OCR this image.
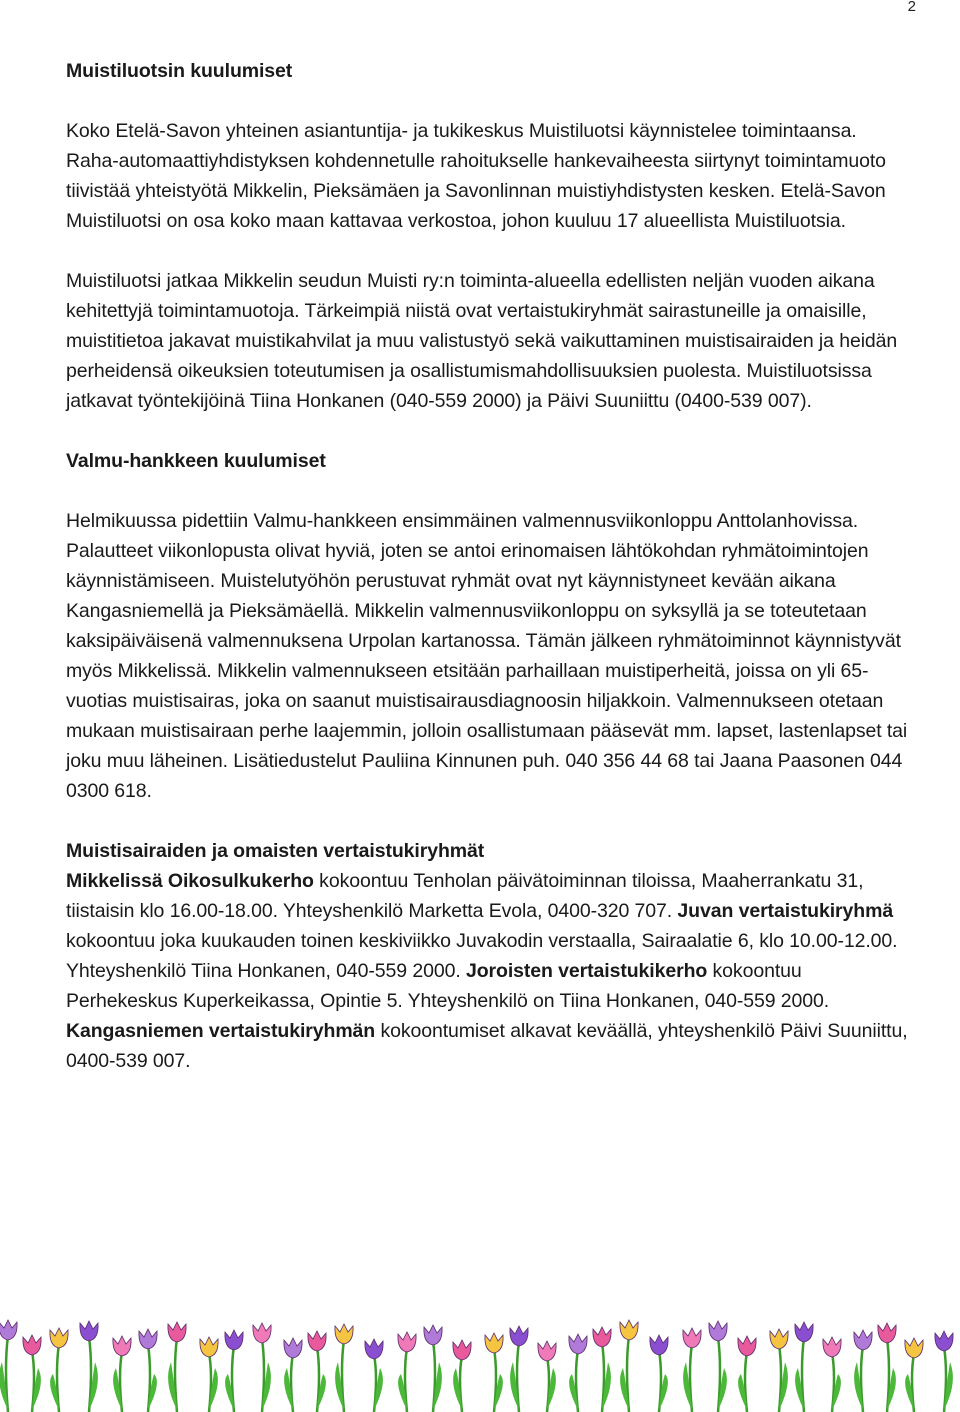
2
Muistiluotsin kuulumiset

Koko Etelä-Savon yhteinen asiantuntija- ja tukikeskus Muistiluotsi käynnistelee toimintaansa. Raha-automaattiyhdistyksen kohdennetulle rahoitukselle hankevaiheesta siirtynyt toimintamuoto tiivistää yhteistyötä Mikkelin, Pieksämäen ja Savonlinnan muistiyhdistysten kesken. Etelä-Savon Muistiluotsi on osa koko maan kattavaa verkostoa, johon kuuluu 17 alueellista Muistiluotsia.

Muistiluotsi jatkaa Mikkelin seudun Muisti ry:n toiminta-alueella edellisten neljän vuoden aikana kehitettyjä toimintamuotoja. Tärkeimpiä niistä ovat vertaistukiryhmät sairastuneille ja omaisille, muistitietoa jakavat muistikahvilat ja muu valistustyö sekä vaikuttaminen muistisairaiden ja heidän perheidensä oikeuksien toteutumisen ja osallistumismahdollisuuksien puolesta. Muistiluotsissa jatkavat työntekijöinä Tiina Honkanen (040-559 2000) ja Päivi Suuniittu (0400-539 007).

Valmu-hankkeen kuulumiset

Helmikuussa pidettiin Valmu-hankkeen ensimmäinen valmennusviikonloppu Anttolanhovissa. Palautteet viikonlopusta olivat hyviä, joten se antoi erinomaisen lähtökohdan ryhmätoimintojen käynnistämiseen. Muistelutyöhön perustuvat ryhmät ovat nyt käynnistyneet kevään aikana Kangasniemellä ja Pieksämäellä. Mikkelin valmennusviikonloppu on syksyllä ja se toteutetaan kaksipäiväisenä valmennuksena Urpolan kartanossa. Tämän jälkeen ryhmätoiminnot käynnistyvät myös Mikkelissä. Mikkelin valmennukseen etsitään parhaillaan muistiperheitä, joissa on yli 65-vuotias muistisairas, joka on saanut muistisairausdiagnoosin hiljakkoin. Valmennukseen otetaan mukaan muistisairaan perhe laajemmin, jolloin osallistumaan pääsevät mm. lapset, lastenlapset tai joku muu läheinen. Lisätiedustelut Pauliina Kinnunen puh. 040 356 44 68 tai Jaana Paasonen 044 0300 618.

Muistisairaiden ja omaisten vertaistukiryhmät

Mikkelissä Oikosulkukerho kokoontuu Tenholan päivätoiminnan tiloissa, Maaherrankatu 31, tiistaisin klo 16.00-18.00. Yhteyshenkilö Marketta Evola, 0400-320 707. Juvan vertaistukiryhmä kokoontuu joka kuukauden toinen keskiviikko Juvakodin verstaalla, Sairaalatie 6, klo 10.00-12.00. Yhteyshenkilö Tiina Honkanen, 040-559 2000. Joroisten vertaistukikerho kokoontuu Perhekeskus Kuperkeikassa, Opintie 5. Yhteyshenkilö on Tiina Honkanen, 040-559 2000. Kangasniemen vertaistukiryhmän kokoontumiset alkavat keväällä, yhteyshenkilö Päivi Suuniittu, 0400-539 007.
